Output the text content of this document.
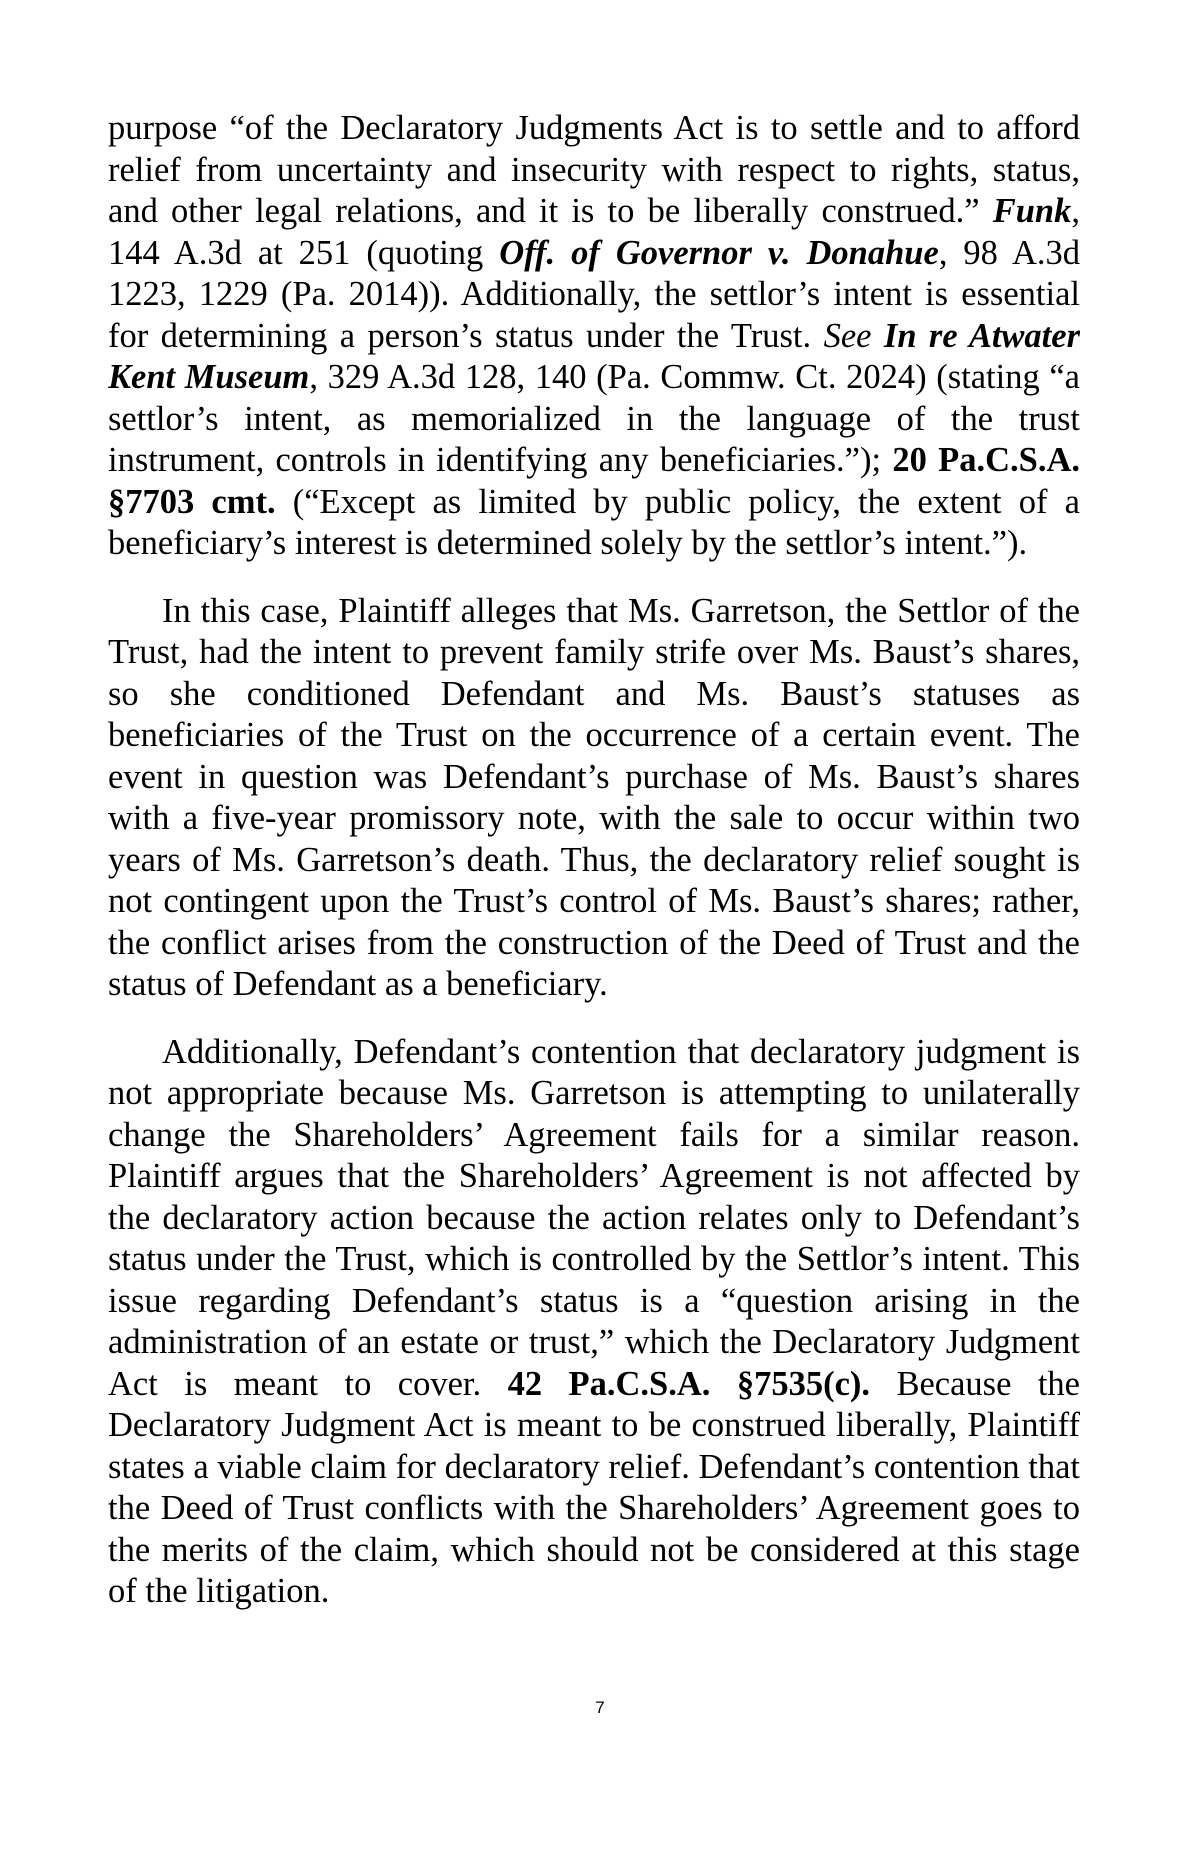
purpose “of the Declaratory Judgments Act is to settle and to afford relief from uncertainty and insecurity with respect to rights, status, and other legal relations, and it is to be liberally construed.” Funk, 144 A.3d at 251 (quoting Off. of Governor v. Donahue, 98 A.3d 1223, 1229 (Pa. 2014)). Additionally, the settlor’s intent is essential for determining a person’s status under the Trust. See In re Atwater Kent Museum, 329 A.3d 128, 140 (Pa. Commw. Ct. 2024) (stating “a settlor’s intent, as memorialized in the language of the trust instrument, controls in identifying any beneficiaries.”); 20 Pa.C.S.A. §7703 cmt. (“Except as limited by public policy, the extent of a beneficiary’s interest is determined solely by the settlor’s intent.”).

In this case, Plaintiff alleges that Ms. Garretson, the Settlor of the Trust, had the intent to prevent family strife over Ms. Baust’s shares, so she conditioned Defendant and Ms. Baust’s statuses as beneficiaries of the Trust on the occurrence of a certain event. The event in question was Defendant’s purchase of Ms. Baust’s shares with a five-year promissory note, with the sale to occur within two years of Ms. Garretson’s death. Thus, the declaratory relief sought is not contingent upon the Trust’s control of Ms. Baust’s shares; rather, the conflict arises from the construction of the Deed of Trust and the status of Defendant as a beneficiary.

Additionally, Defendant’s contention that declaratory judgment is not appropriate because Ms. Garretson is attempting to unilaterally change the Shareholders’ Agreement fails for a similar reason. Plaintiff argues that the Shareholders’ Agreement is not affected by the declaratory action because the action relates only to Defendant’s status under the Trust, which is controlled by the Settlor’s intent. This issue regarding Defendant’s status is a “question arising in the administration of an estate or trust,” which the Declaratory Judgment Act is meant to cover. 42 Pa.C.S.A. §7535(c). Because the Declaratory Judgment Act is meant to be construed liberally, Plaintiff states a viable claim for declaratory relief. Defendant’s contention that the Deed of Trust conflicts with the Shareholders’ Agreement goes to the merits of the claim, which should not be considered at this stage of the litigation.

7
